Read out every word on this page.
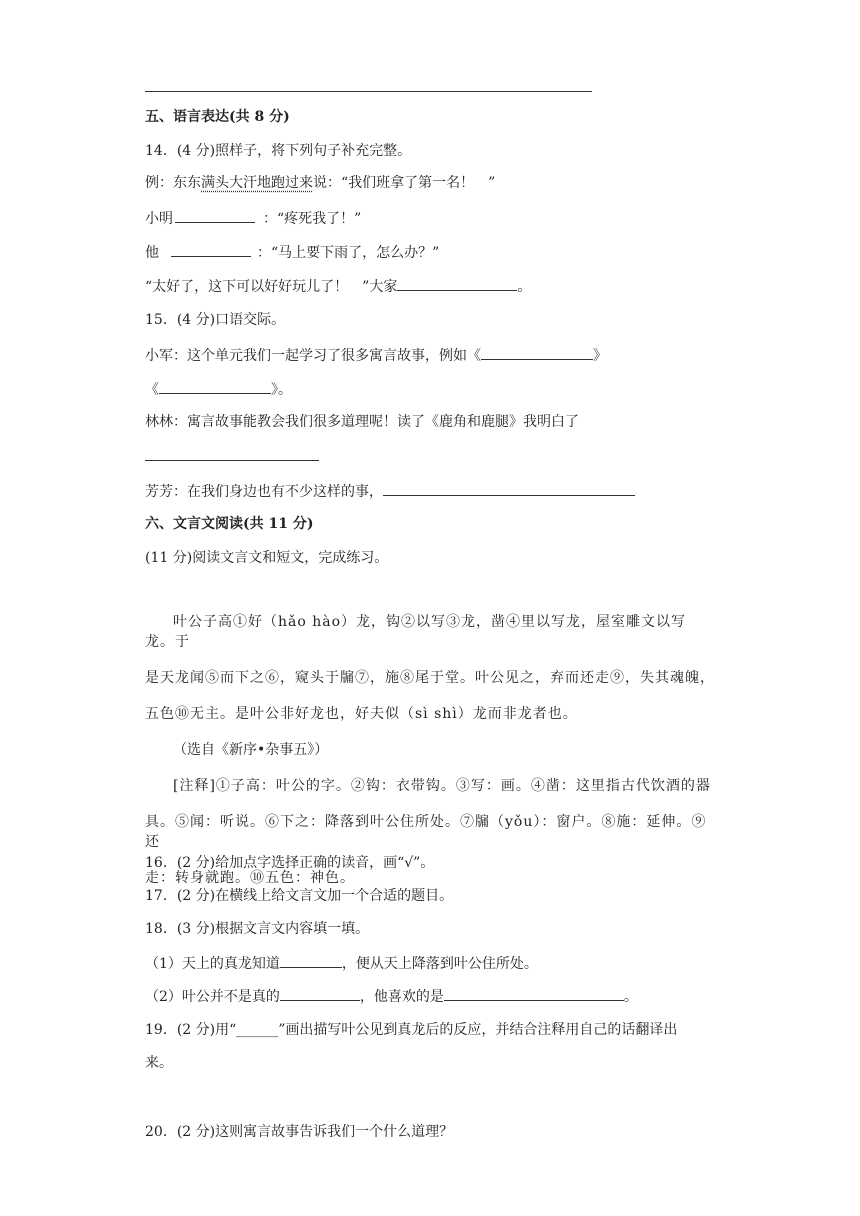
五、语言表达(共 8 分)
14．(4 分)照样子，将下列句子补充完整。
例：东东满头大汗地跑过来说：“我们班拿了第一名！　”
小明	：“疼死我了！”
他	：“马上要下雨了，怎么办？”
“太好了，这下可以好好玩儿了！　”大家	。
15．(4 分)口语交际。
小军：这个单元我们一起学习了很多寓言故事，例如《	》
《	》。
林林：寓言故事能教会我们很多道理呢！读了《鹿角和鹿腿》我明白了
芳芳：在我们身边也有不少这样的事，
六、文言文阅读(共 11 分)
(11 分)阅读文言文和短文，完成练习。

叶公子高①好（hǎo hào）龙，钩②以写③龙，凿④里以写龙，屋室雕文以写龙。于

是天龙闻⑤而下之⑥，窥头于牖⑦，施⑧尾于堂。叶公见之，弃而还走⑨，失其魂魄，

五色⑩无主。是叶公非好龙也，好夫似（sì shì）龙而非龙者也。

（选自《新序•杂事五》）

[注释]①子高：叶公的字。②钩：衣带钩。③写：画。④凿：这里指古代饮酒的器

具。⑤闻：听说。⑥下之：降落到叶公住所处。⑦牖（yǒu）：窗户。⑧施：延伸。⑨还

走：转身就跑。⑩五色：神色。

16．(2 分)给加点字选择正确的读音，画“√”。
17．(2 分)在横线上给文言文加一个合适的题目。
18．(3 分)根据文言文内容填一填。
（1）天上的真龙知道	，便从天上降落到叶公住所处。
（2）叶公并不是真的	，他喜欢的是	。
19．(2 分)用“______”画出描写叶公见到真龙后的反应，并结合注释用自己的话翻译出
来。
20．(2 分)这则寓言故事告诉我们一个什么道理？
